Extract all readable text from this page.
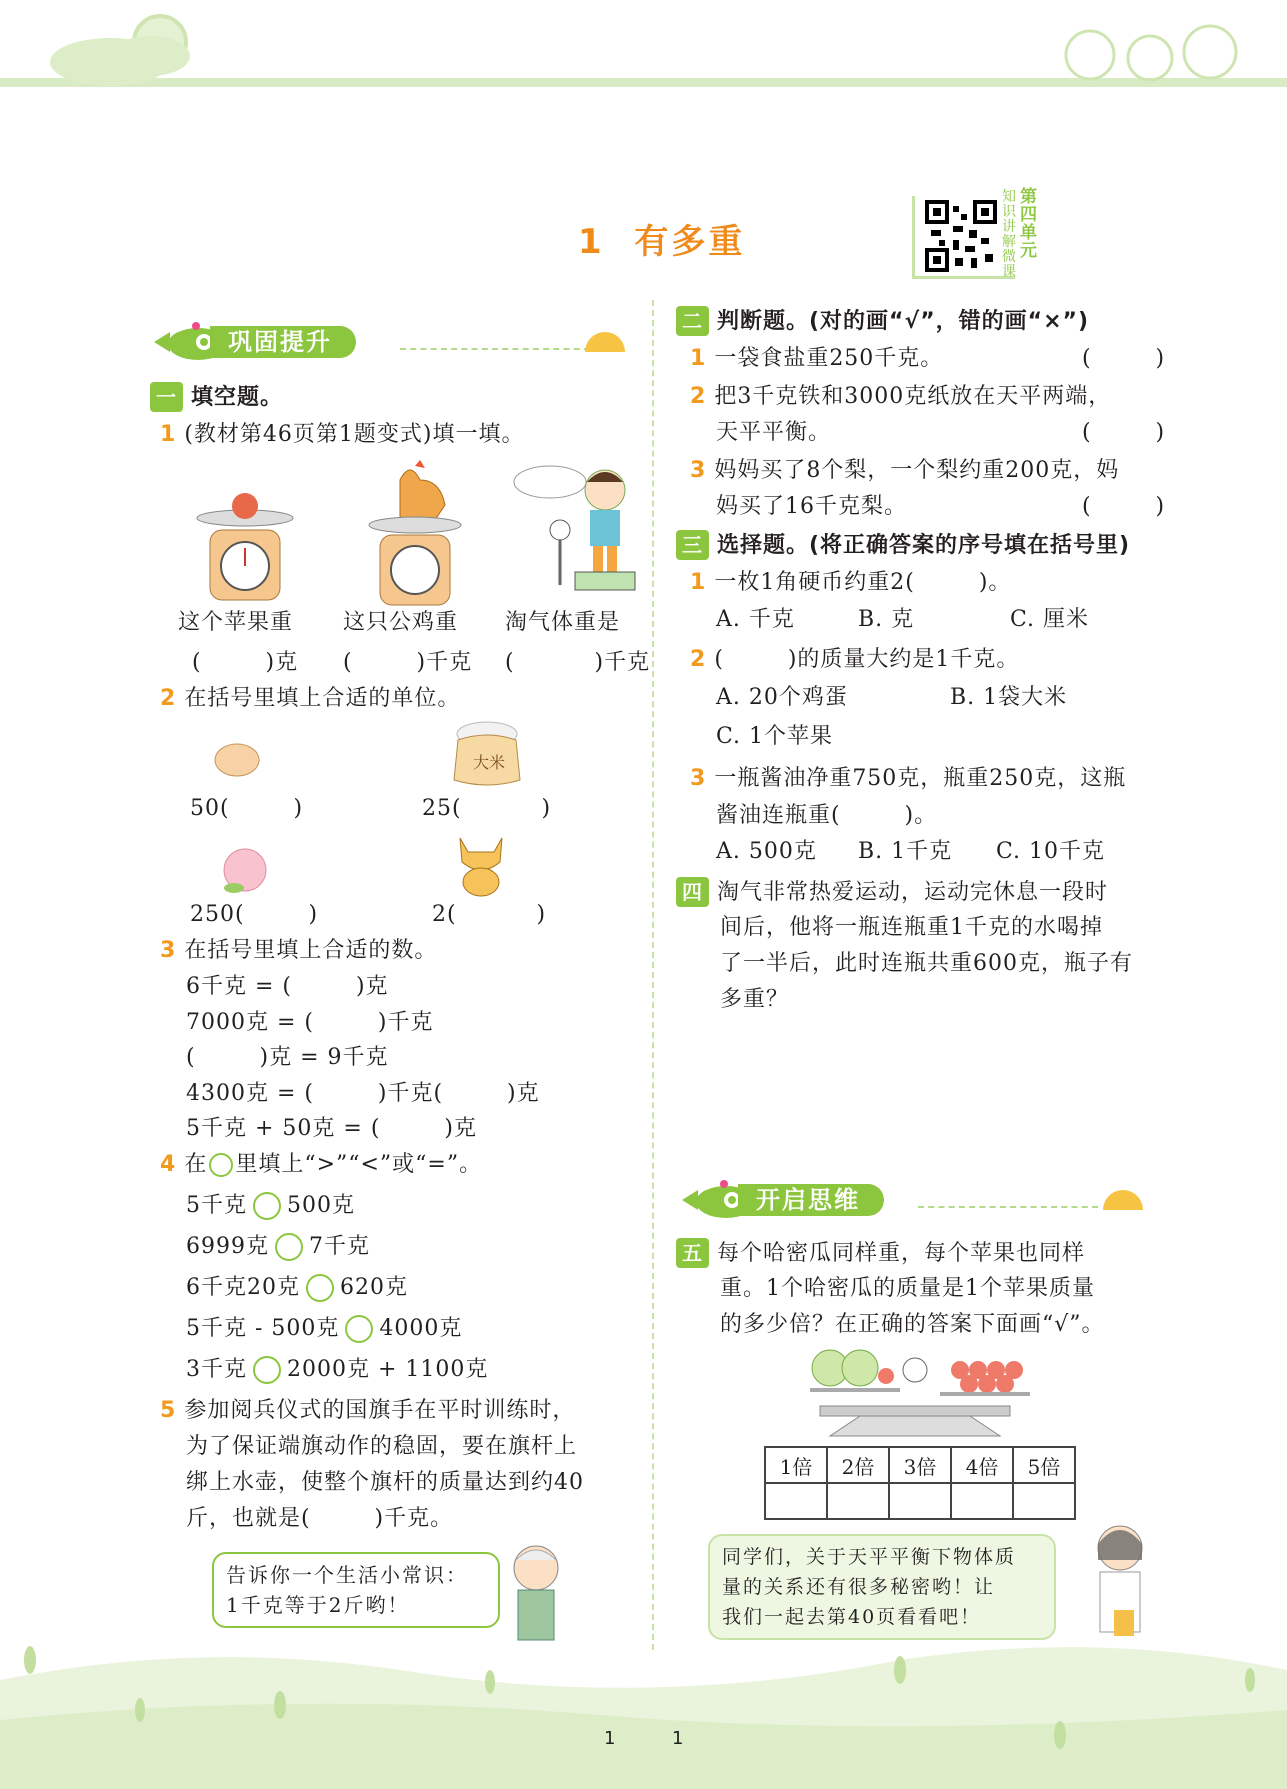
1  有多重
第四单元
知识讲解微课
巩固提升
一 填空题。
1 (教材第46页第1题变式)填一填。
这个苹果重 这只公鸡重 淘气体重是
(        )克 (        )千克 (          )千克
2 在括号里填上合适的单位。
大米
50(        )	25(          )
250(        )	2(          )
3 在括号里填上合适的数。
6千克 = (        )克
7000克 = (        )千克
(        )克 = 9千克
4300克 = (        )千克(        )克
5千克 + 50克 = (        )克
4 在 里填上“>”“<”或“=”。
5千克 500克
6999克 7千克
6千克20克 620克
5千克 - 500克 4000克
3千克 2000克 + 1100克
5 参加阅兵仪式的国旗手在平时训练时，
为了保证端旗动作的稳固，要在旗杆上
绑上水壶，使整个旗杆的质量达到约40
斤，也就是(        )千克。
告诉你一个生活小常识：
1千克等于2斤哟！
二 判断题。(对的画“√”，错的画“×”)
1 一袋食盐重250千克。	(        )
2 把3千克铁和3000克纸放在天平两端，
天平平衡。	(        )
3 妈妈买了8个梨，一个梨约重200克，妈
妈买了16千克梨。	(        )
三 选择题。(将正确答案的序号填在括号里)
1 一枚1角硬币约重2(        )。
A. 千克	B. 克	C. 厘米
2 (        )的质量大约是1千克。
A. 20个鸡蛋	B. 1袋大米
C. 1个苹果
3 一瓶酱油净重750克，瓶重250克，这瓶
酱油连瓶重(        )。
A. 500克 B. 1千克 C. 10千克
四 淘气非常热爱运动，运动完休息一段时
间后，他将一瓶连瓶重1千克的水喝掉
了一半后，此时连瓶共重600克，瓶子有
多重？
开启思维
五 每个哈密瓜同样重，每个苹果也同样
重。1个哈密瓜的质量是1个苹果质量
的多少倍？在正确的答案下面画“√”。
1倍	2倍	3倍	4倍	5倍

同学们，关于天平平衡下物体质
量的关系还有很多秘密哟！让
我们一起去第40页看看吧！
1	1
